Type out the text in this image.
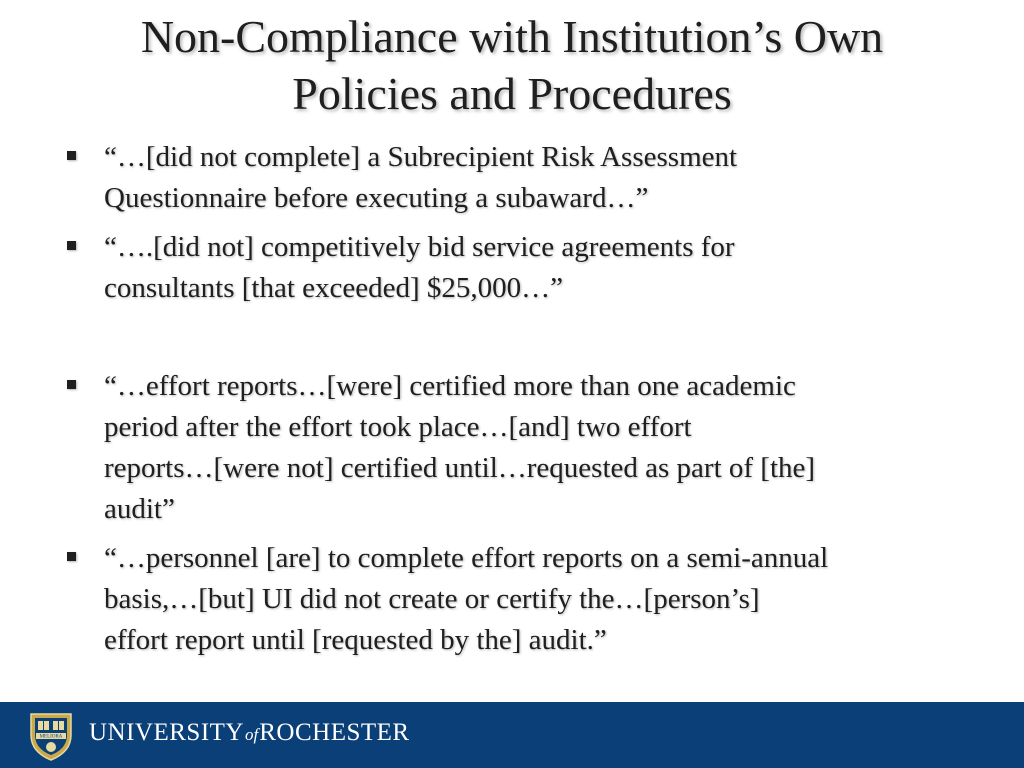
Non-Compliance with Institution’s Own
Policies and Procedures
“…[did not complete] a Subrecipient Risk Assessment
Questionnaire before executing a subaward…”
“….[did not] competitively bid service agreements for
consultants [that exceeded] $25,000…”
“…effort reports…[were] certified more than one academic
period after the effort took place…[and] two effort
reports…[were not] certified until…requested as part of [the]
audit”
“…personnel [are] to complete effort reports on a semi-annual
basis,…[but] UI did not create or certify the…[person’s]
effort report until [requested by the] audit.”
MELIORA UNIVERSITYofROCHESTER
